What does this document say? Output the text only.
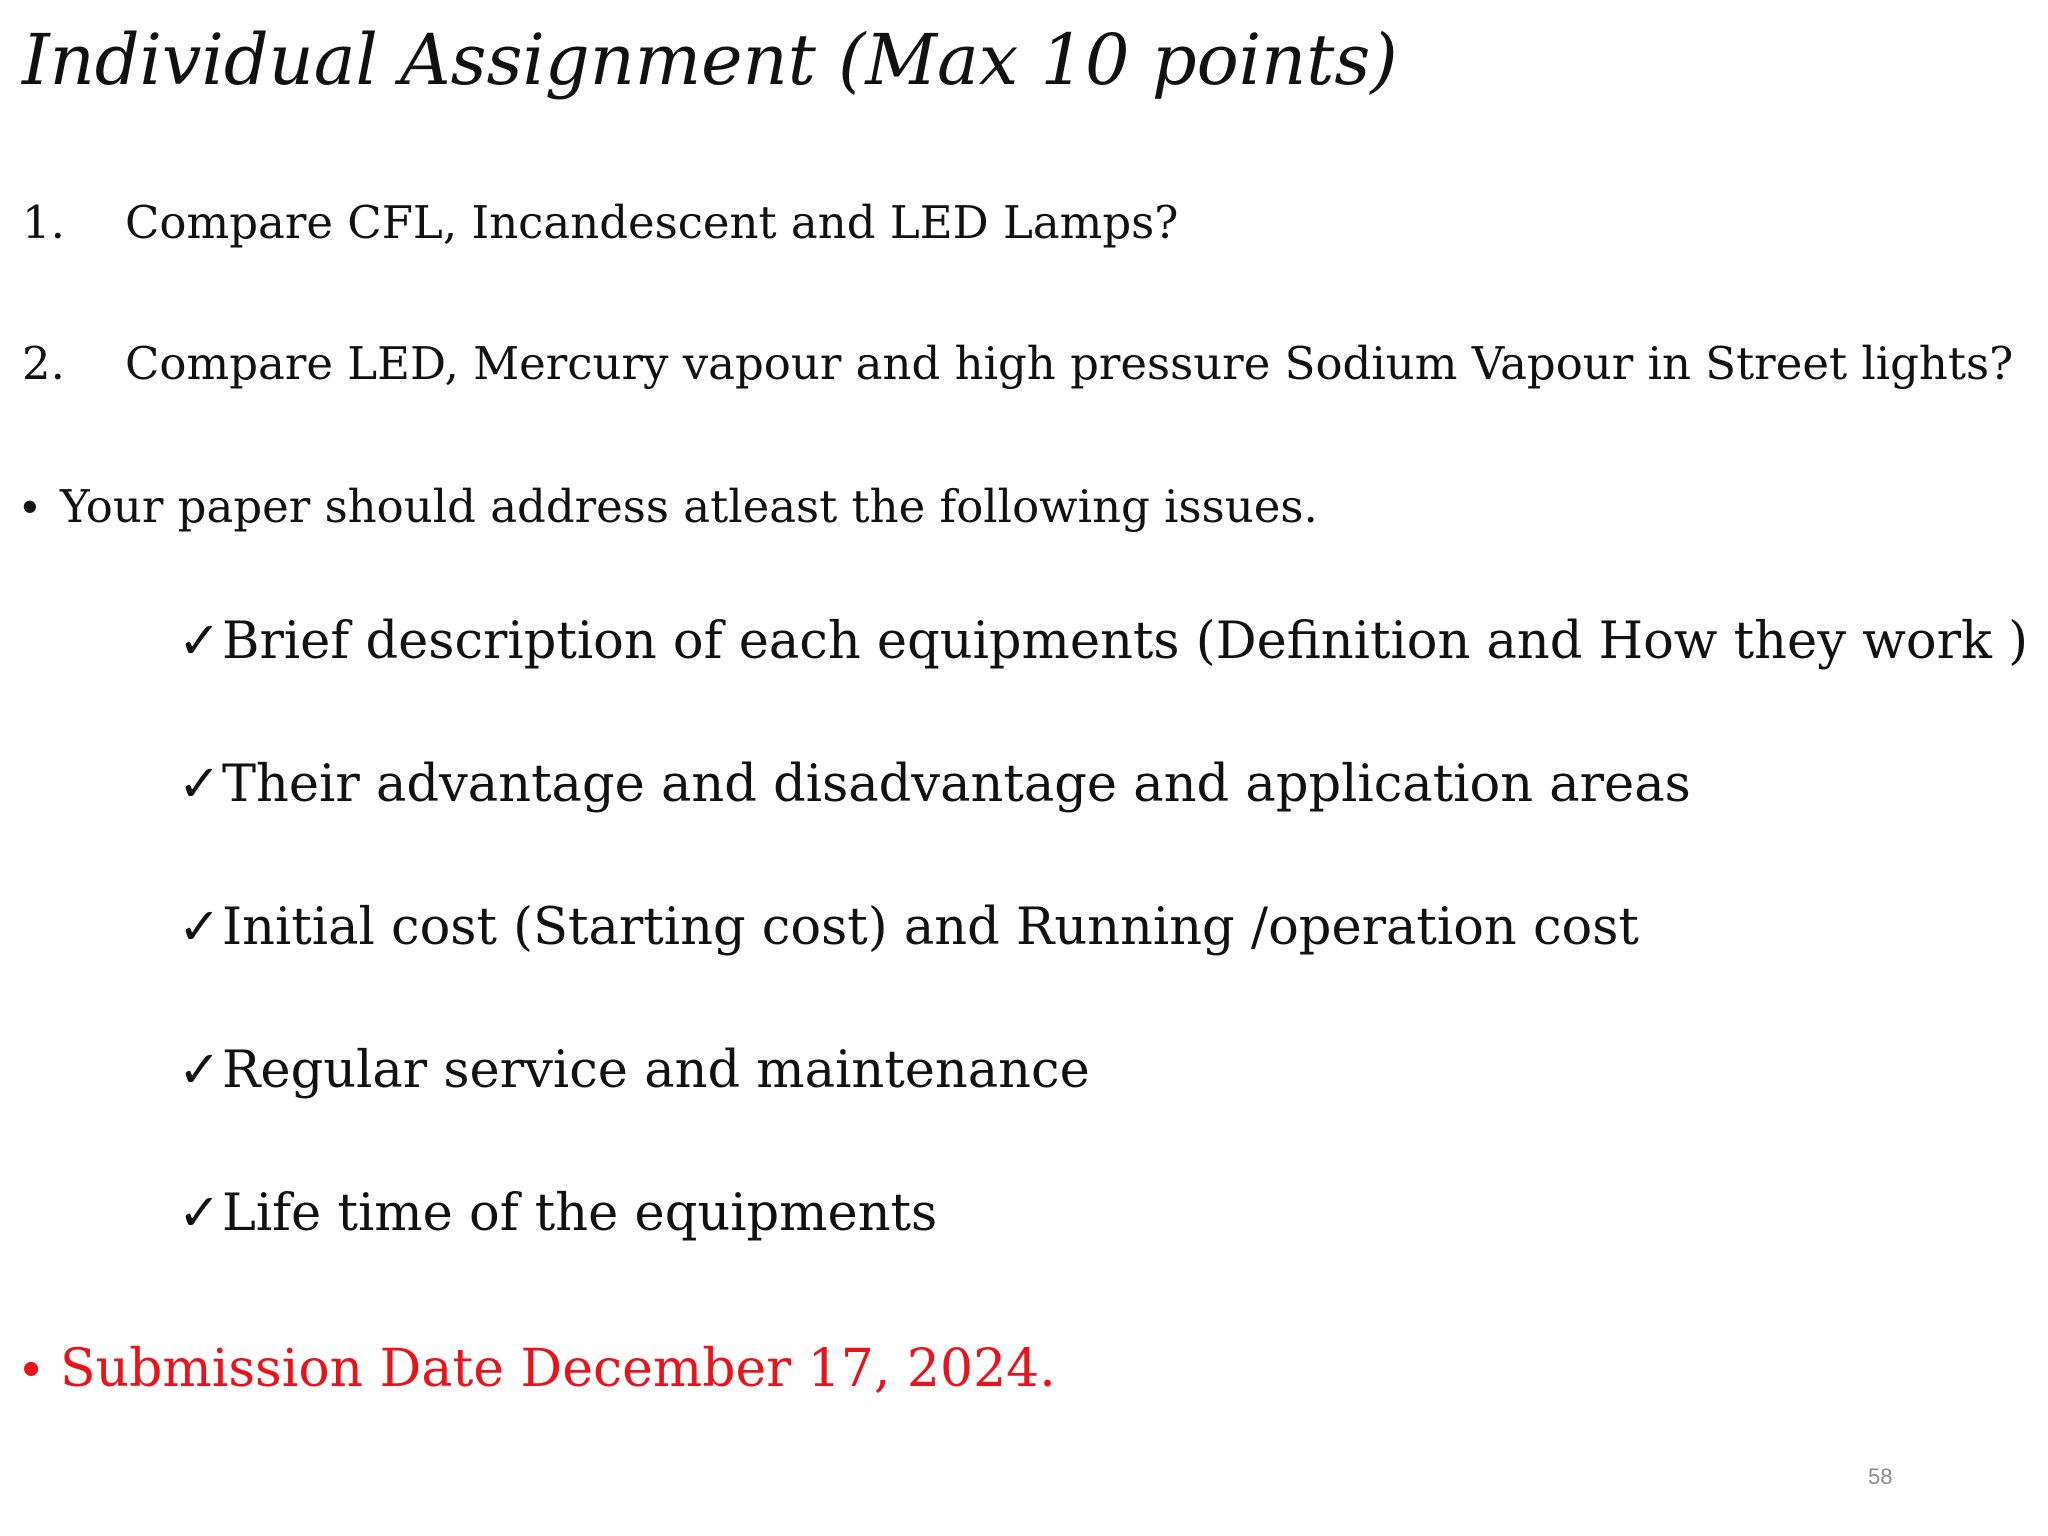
Individual Assignment (Max 10 points)
1. Compare CFL, Incandescent and LED Lamps?
2. Compare LED, Mercury vapour and high pressure Sodium Vapour in Street lights?
• Your paper should address atleast the following issues.
✓Brief description of each equipments (Definition and How they work )
✓Their advantage and disadvantage and application areas
✓Initial cost (Starting cost) and Running /operation cost
✓Regular service and maintenance
✓Life time of the equipments
• Submission Date December 17, 2024.
58
